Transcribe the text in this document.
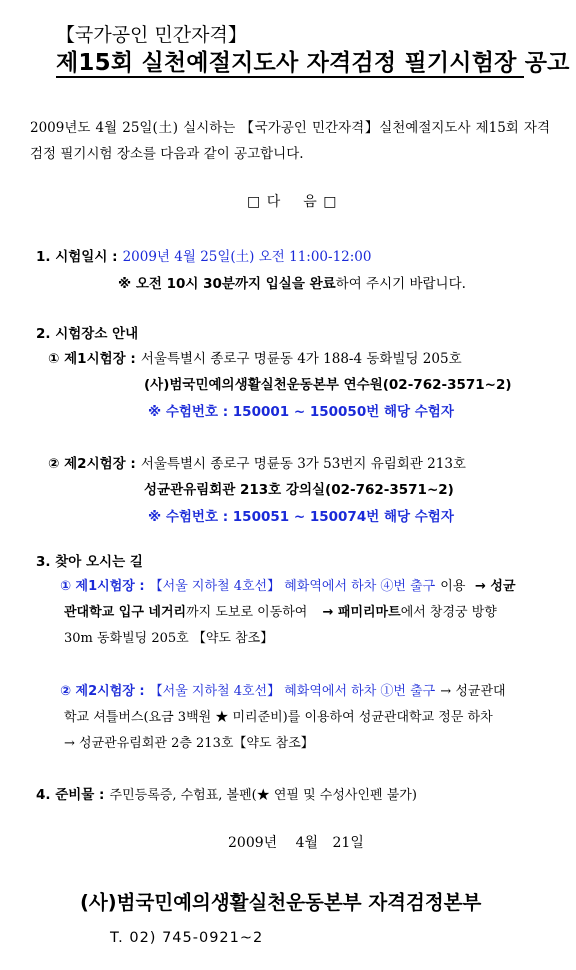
【국가공인 민간자격】
제15회 실천예절지도사 자격검정 필기시험장 공고
2009년도 4월 25일(土) 실시하는 【국가공인 민간자격】실천예절지도사 제15회 자격검정 필기시험 장소를 다음과 같이 공고합니다.
□ 다 음 □
1. 시험일시 : 2009년 4월 25일(土) 오전 11:00-12:00
※ 오전 10시 30분까지 입실을 완료하여 주시기 바랍니다.
2. 시험장소 안내
① 제1시험장 : 서울특별시 종로구 명륜동 4가 188-4 동화빌딩 205호
(사)범국민예의생활실천운동본부 연수원(02-762-3571~2)
※ 수험번호 : 150001 ~ 150050번 해당 수험자
② 제2시험장 : 서울특별시 종로구 명륜동 3가 53번지 유림회관 213호
성균관유림회관 213호 강의실(02-762-3571~2)
※ 수험번호 : 150051 ~ 150074번 해당 수험자
3. 찾아 오시는 길
① 제1시험장 : 【서울 지하철 4호선】 혜화역에서 하차 ④번 출구 이용 → 성균
관대학교 입구 네거리까지 도보로 이동하여 → 패미리마트에서 창경궁 방향
30m 동화빌딩 205호 【약도 참조】
② 제2시험장 : 【서울 지하철 4호선】 혜화역에서 하차 ①번 출구 → 성균관대
학교 셔틀버스(요금 3백원 ★ 미리준비)를 이용하여 성균관대학교 정문 하차
→ 성균관유림회관 2층 213호【약도 참조】
4. 준비물 : 주민등록증, 수험표, 볼펜(★ 연필 및 수성사인펜 불가)
2009년 4월 21일
(사)범국민예의생활실천운동본부 자격검정본부
T. 02) 745-0921~2
